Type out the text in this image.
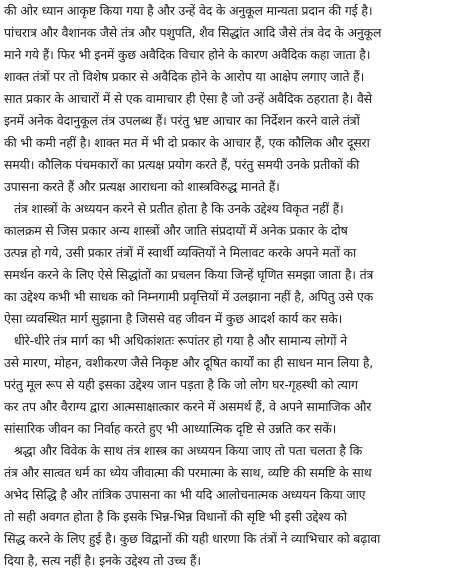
की ओर ध्यान आकृष्ट किया गया है और उन्हें वेद के अनुकूल मान्यता प्रदान की गई है।
पांचरात्र और वैशानक जैसे तंत्र और पशुपति, शैव सिद्धांत आदि जैसे तंत्र वेद के अनुकूल
माने गये हैं। फिर भी इनमें कुछ अवैदिक विचार होने के कारण अवैदिक कहा जाता है।
शाक्त तंत्रों पर तो विशेष प्रकार से अवैदिक होने के आरोप या आक्षेप लगाए जाते हैं।
सात प्रकार के आचारों में से एक वामाचार ही ऐसा है जो उन्हें अवैदिक ठहराता है। वैसे
इनमें अनेक वेदानुकूल तंत्र उपलब्ध हैं। परंतु भ्रष्ट आचार का निर्देशन करने वाले तंत्रों
की भी कमी नहीं है। शाक्त मत में भी दो प्रकार के आचार हैं, एक कौलिक और दूसरा
समयी। कौलिक पंचमकारों का प्रत्यक्ष प्रयोग करते हैं, परंतु समयी उनके प्रतीकों की
उपासना करते हैं और प्रत्यक्ष आराधना को शास्त्रविरुद्ध मानते हैं।
तंत्र शास्त्रों के अध्ययन करने से प्रतीत होता है कि उनके उद्देश्य विकृत नहीं हैं।
कालक्रम से जिस प्रकार अन्य शास्त्रों और जाति संप्रदायों में अनेक प्रकार के दोष
उत्पन्न हो गये, उसी प्रकार तंत्रों में स्वार्थी व्यक्तियों ने मिलावट करके अपने मतों का
समर्थन करने के लिए ऐसे सिद्धांतों का प्रचलन किया जिन्हें घृणित समझा जाता है। तंत्र
का उद्देश्य कभी भी साधक को निम्नगामी प्रवृत्तियों में उलझाना नहीं है, अपितु उसे एक
ऐसा व्यवस्थित मार्ग सुझाना है जिससे वह जीवन में कुछ आदर्श कार्य कर सके।
धीरे-धीरे तंत्र मार्ग का भी अधिकांशतः रूपांतर हो गया है और सामान्य लोगों ने
उसे मारण, मोहन, वशीकरण जैसे निकृष्ट और दूषित कार्यों का ही साधन मान लिया है,
परंतु मूल रूप से यही इसका उद्देश्य जान पड़ता है कि जो लोग घर-गृहस्थी को त्याग
कर तप और वैराग्य द्वारा आत्मसाक्षात्कार करने में असमर्थ हैं, वे अपने सामाजिक और
सांसारिक जीवन का निर्वाह करते हुए भी आध्यात्मिक दृष्टि से उन्नति कर सकें।
श्रद्धा और विवेक के साथ तंत्र शास्त्र का अध्ययन किया जाए तो पता चलता है कि
तंत्र और सात्वत धर्म का ध्येय जीवात्मा की परमात्मा के साथ, व्यष्टि की समष्टि के साथ
अभेद सिद्धि है और तांत्रिक उपासना का भी यदि आलोचनात्मक अध्ययन किया जाए
तो सही अवगत होता है कि इसके भिन्न-भिन्न विधानों की सृष्टि भी इसी उद्देश्य को
सिद्ध करने के लिए हुई है। कुछ विद्वानों की यही धारणा कि तंत्रों ने व्याभिचार को बढ़ावा
दिया है, सत्य नहीं है। इनके उद्देश्य तो उच्च हैं।
